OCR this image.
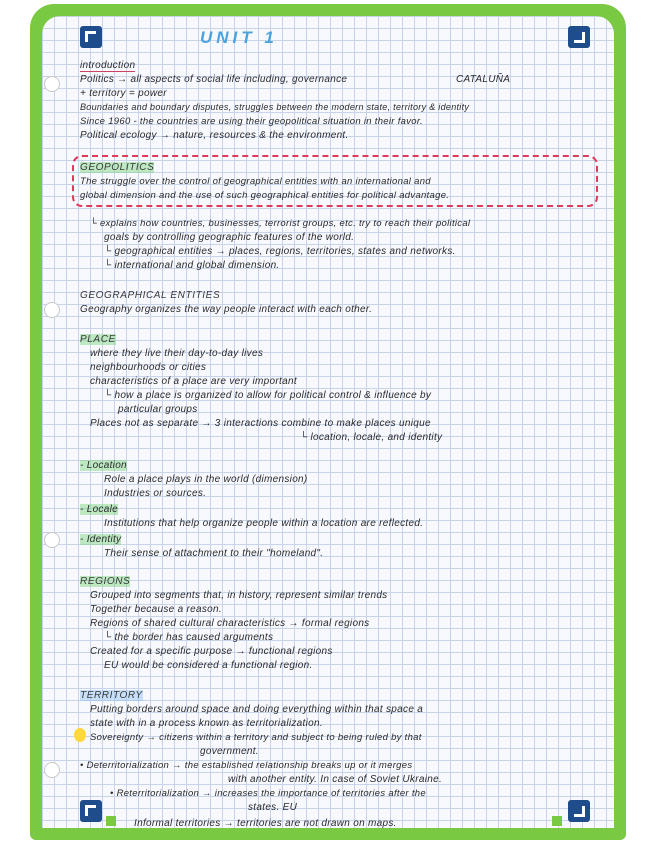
UNIT 1
introduction
Politics → all aspects of social life including, governance	CATALUÑA
+ territory = power
Boundaries and boundary disputes, struggles between the modern state, territory & identity
Since 1960 - the countries are using their geopolitical situation in their favor.
Political ecology → nature, resources & the environment.
GEOPOLITICS
The struggle over the control of geographical entities with an international and
global dimension and the use of such geographical entities for political advantage.
└ explains how countries, businesses, terrorist groups, etc. try to reach their political
goals by controlling geographic features of the world.
└ geographical entities → places, regions, territories, states and networks.
└ international and global dimension.
GEOGRAPHICAL ENTITIES
Geography organizes the way people interact with each other.
PLACE
where they live their day-to-day lives
neighbourhoods or cities
characteristics of a place are very important
└ how a place is organized to allow for political control & influence by
particular groups
Places not as separate → 3 interactions combine to make places unique
└ location, locale, and identity
- Location
Role a place plays in the world (dimension)
Industries or sources.
- Locale
Institutions that help organize people within a location are reflected.
- Identity
Their sense of attachment to their "homeland".
REGIONS
Grouped into segments that, in history, represent similar trends
Together because a reason.
Regions of shared cultural characteristics → formal regions
└ the border has caused arguments
Created for a specific purpose → functional regions
EU would be considered a functional region.
TERRITORY
Putting borders around space and doing everything within that space a
state with in a process known as territorialization.
Sovereignty → citizens within a territory and subject to being ruled by that
government.
• Deterritorialization → the established relationship breaks up or it merges
with another entity. In case of Soviet Ukraine.
• Reterritorialization → increases the importance of territories after the
states. EU
Informal territories → territories are not drawn on maps.
